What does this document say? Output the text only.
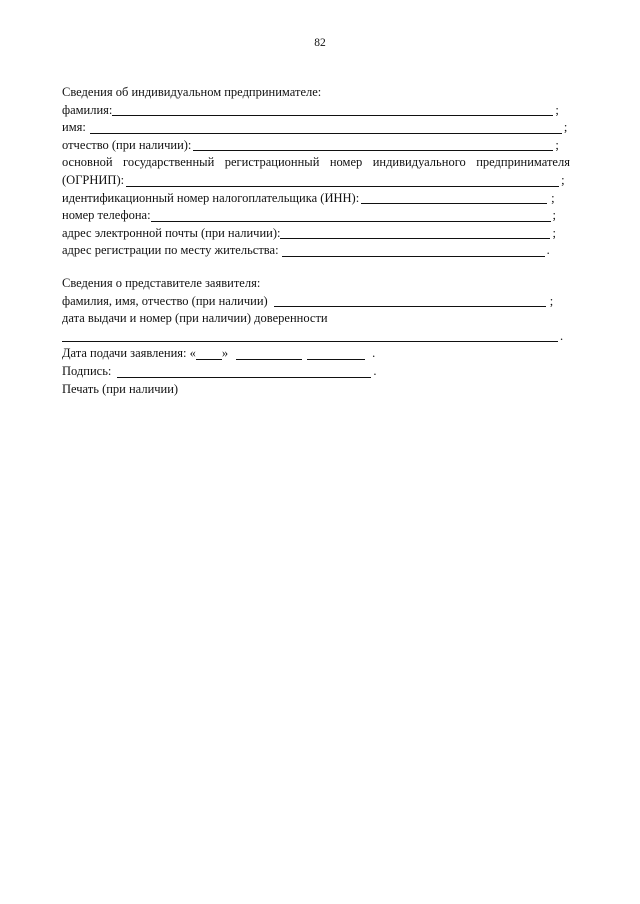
82
Сведения об индивидуальном предпринимателе:
фамилия:	;
имя:	;
отчество (при наличии):	;
основной государственный регистрационный номер индивидуального предпринимателя
(ОГРНИП):	;
идентификационный номер налогоплательщика (ИНН):	;
номер телефона:	;
адрес электронной почты (при наличии):	;
адрес регистрации по месту жительства:	.
Сведения о представителе заявителя:
фамилия, имя, отчество (при наличии)	;
дата выдачи и номер (при наличии) доверенности
.
Дата подачи заявления: « »	.
Подпись:	.
Печать (при наличии)
